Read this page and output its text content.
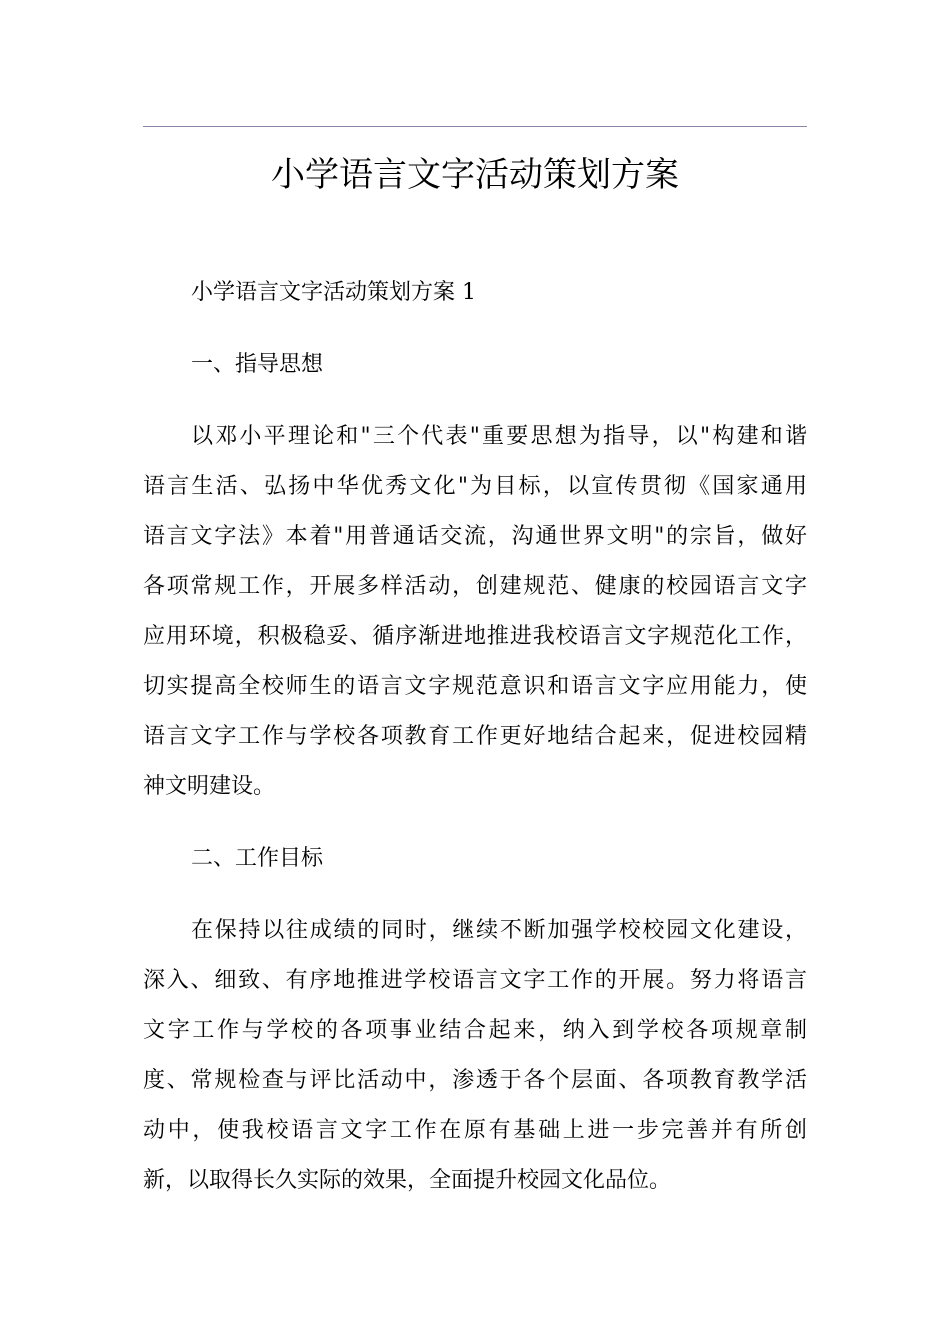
小学语言文字活动策划方案
小学语言文字活动策划方案 1
一、指导思想
以邓小平理论和"三个代表"重要思想为指导，以"构建和谐
语言生活、弘扬中华优秀文化"为目标，以宣传贯彻《国家通用
语言文字法》本着"用普通话交流，沟通世界文明"的宗旨，做好
各项常规工作，开展多样活动，创建规范、健康的校园语言文字
应用环境，积极稳妥、循序渐进地推进我校语言文字规范化工作，
切实提高全校师生的语言文字规范意识和语言文字应用能力，使
语言文字工作与学校各项教育工作更好地结合起来，促进校园精
神文明建设。
二、工作目标
在保持以往成绩的同时，继续不断加强学校校园文化建设，
深入、细致、有序地推进学校语言文字工作的开展。努力将语言
文字工作与学校的各项事业结合起来，纳入到学校各项规章制
度、常规检查与评比活动中，渗透于各个层面、各项教育教学活
动中，使我校语言文字工作在原有基础上进一步完善并有所创
新，以取得长久实际的效果，全面提升校园文化品位。
